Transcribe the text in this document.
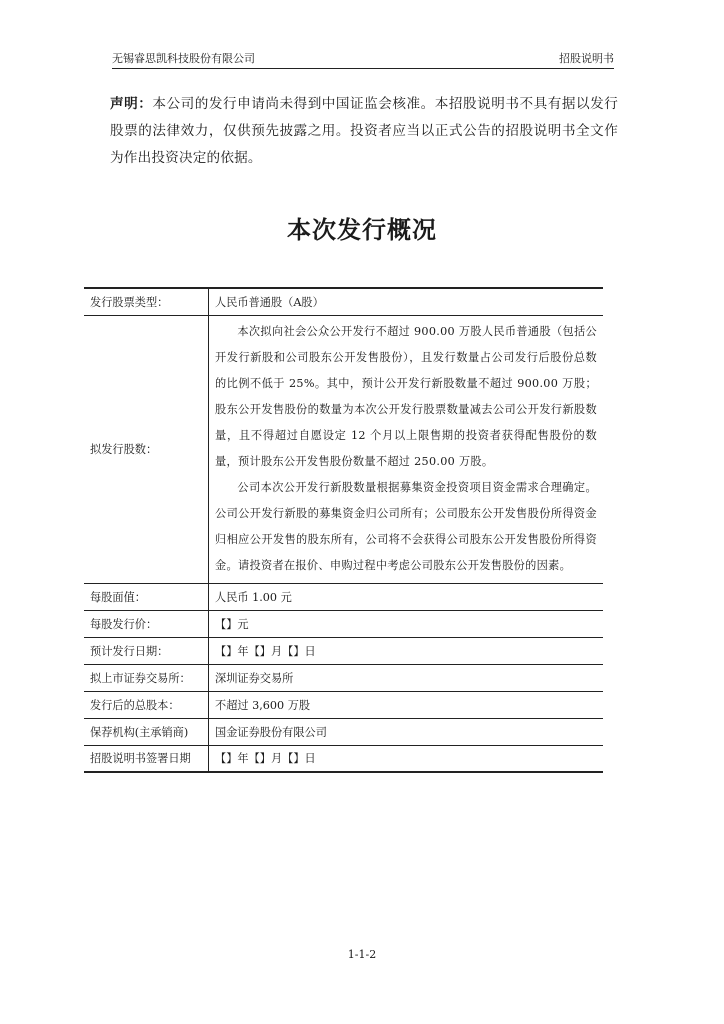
无锡睿思凯科技股份有限公司	招股说明书
声明：本公司的发行申请尚未得到中国证监会核准。本招股说明书不具有据以发行股票的法律效力，仅供预先披露之用。投资者应当以正式公告的招股说明书全文作为作出投资决定的依据。
本次发行概况
发行股票类型：	人民币普通股（A股）
拟发行股数：	本次拟向社会公众公开发行不超过 900.00 万股人民币普通股（包括公开发行新股和公司股东公开发售股份），且发行数量占公司发行后股份总数的比例不低于 25%。其中，预计公开发行新股数量不超过 900.00 万股；股东公开发售股份的数量为本次公开发行股票数量减去公司公开发行新股数量，且不得超过自愿设定 12 个月以上限售期的投资者获得配售股份的数量，预计股东公开发售股份数量不超过 250.00 万股。

公司本次公开发行新股数量根据募集资金投资项目资金需求合理确定。公司公开发行新股的募集资金归公司所有；公司股东公开发售股份所得资金归相应公开发售的股东所有，公司将不会获得公司股东公开发售股份所得资金。请投资者在报价、申购过程中考虑公司股东公开发售股份的因素。

每股面值：	人民币 1.00 元
每股发行价：	【】元
预计发行日期：	【】年【】月【】日
拟上市证券交易所：	深圳证券交易所
发行后的总股本：	不超过 3,600 万股
保荐机构(主承销商)	国金证券股份有限公司
招股说明书签署日期	【】年【】月【】日
1-1-2
